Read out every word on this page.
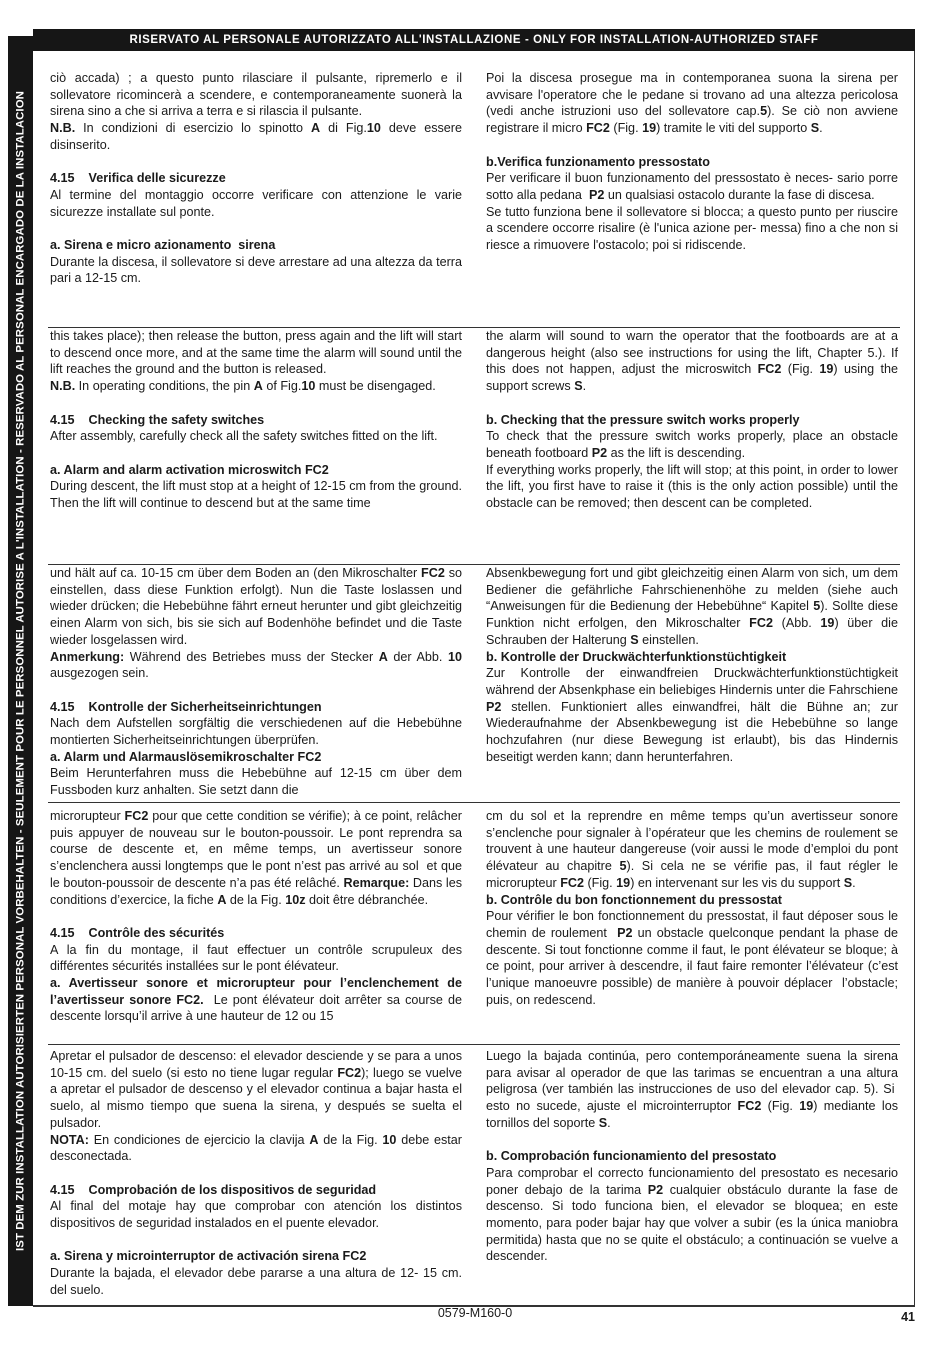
IST DEM ZUR INSTALLATION AUTORISIERTEN PERSONAL VORBEHALTEN - SEULEMENT POUR LE PERSONNEL AUTORISE A L'INSTALLATION - RESERVADO AL PERSONAL ENCARGADO DE LA INSTALACION
RISERVATO AL PERSONALE AUTORIZZATO ALL'INSTALLAZIONE - ONLY FOR INSTALLATION-AUTHORIZED STAFF
ciò accada) ; a questo punto rilasciare il pulsante, ripremerlo e il sollevatore ricomincerà a scendere, e contemporaneamente suonerà la sirena sino a che si arriva a terra e si rilascia il pulsante.
N.B. In condizioni di esercizio lo spinotto A di Fig.10 deve essere disinserito.
4.15    Verifica delle sicurezze
Al termine del montaggio occorre verificare con attenzione le varie sicurezze installate sul ponte.
a. Sirena e micro azionamento  sirena
Durante la discesa, il sollevatore si deve arrestare ad una altezza da terra pari a 12-15 cm.
Poi la discesa prosegue ma in contemporanea suona la sirena per avvisare l'operatore che le pedane si trovano ad una altezza pericolosa (vedi anche istruzioni uso del sollevatore cap.5). Se ciò non avviene registrare il micro FC2 (Fig. 19) tramite le viti del supporto S.
b.Verifica funzionamento pressostato
Per verificare il buon funzionamento del pressostato è neces- sario porre sotto alla pedana  P2 un qualsiasi ostacolo durante la fase di discesa.
Se tutto funziona bene il sollevatore si blocca; a questo punto per riuscire a scendere occorre risalire (è l'unica azione per- messa) fino a che non si riesce a rimuovere l'ostacolo; poi si ridiscende.
this takes place); then release the button, press again and the lift will start to descend once more, and at the same time the alarm will sound until the lift reaches the ground and the button is released.
N.B. In operating conditions, the pin A of Fig.10 must be disengaged.
4.15    Checking the safety switches
After assembly, carefully check all the safety switches fitted on the lift.
a. Alarm and alarm activation microswitch FC2
During descent, the lift must stop at a height of 12-15 cm from the ground. Then the lift will continue to descend but at the same time
the alarm will sound to warn the operator that the footboards are at a dangerous height (also see instructions for using the lift, Chapter 5.). If this does not happen, adjust the microswitch FC2 (Fig. 19) using the support screws S.
b. Checking that the pressure switch works properly
To check that the pressure switch works properly, place an obstacle beneath footboard P2 as the lift is descending.
If everything works properly, the lift will stop; at this point, in order to lower the lift, you first have to raise it (this is the only action possible) until the obstacle can be removed; then descent can be completed.
und hält auf ca. 10-15 cm über dem Boden an (den Mikroschalter FC2 so einstellen, dass diese Funktion erfolgt). Nun die Taste loslassen und wieder drücken; die Hebebühne fährt erneut herunter und gibt gleichzeitig einen Alarm von sich, bis sie sich auf Bodenhöhe befindet und die Taste wieder losgelassen wird.
Anmerkung: Während des Betriebes muss der Stecker A der Abb. 10 ausgezogen sein.
4.15    Kontrolle der Sicherheitseinrichtungen
Nach dem Aufstellen sorgfältig die verschiedenen auf die Hebebühne montierten Sicherheitseinrichtungen überprüfen.
a. Alarm und Alarmauslösemikroschalter FC2
Beim Herunterfahren muss die Hebebühne auf 12-15 cm über dem Fussboden kurz anhalten. Sie setzt dann die
Absenkbewegung fort und gibt gleichzeitig einen Alarm von sich, um dem Bediener die gefährliche Fahrschienenhöhe zu melden (siehe auch “Anweisungen für die Bedienung der Hebebühne“ Kapitel 5). Sollte diese Funktion nicht erfolgen, den Mikroschalter FC2 (Abb. 19) über die Schrauben der Halterung S einstellen.
b. Kontrolle der Druckwächterfunktionstüchtigkeit
Zur Kontrolle der einwandfreien Druckwächterfunktionstüchtigkeit während der Absenkphase ein beliebiges Hindernis unter die Fahrschiene P2 stellen. Funktioniert alles einwandfrei, hält die Bühne an; zur Wiederaufnahme der Absenkbewegung ist die Hebebühne so lange hochzufahren (nur diese Bewegung ist erlaubt), bis das Hindernis beseitigt werden kann; dann herunterfahren.
microrupteur FC2 pour que cette condition se vérifie); à ce point, relâcher puis appuyer de nouveau sur le bouton-poussoir. Le pont reprendra sa course de descente et, en même temps, un avertisseur sonore s’enclenchera aussi longtemps que le pont n’est pas arrivé au sol  et que le bouton-poussoir de descente n’a pas été relâché. Remarque: Dans les conditions d’exercice, la fiche A de la Fig. 10z doit être débranchée.
4.15    Contrôle des sécurités
A la fin du montage, il faut effectuer un contrôle scrupuleux des différentes sécurités installées sur le pont élévateur.
a. Avertisseur sonore et microrupteur pour l’enclenchement de l’avertisseur sonore FC2.  Le pont élévateur doit arrêter sa course de descente lorsqu’il arrive à une hauteur de 12 ou 15
cm du sol et la reprendre en même temps qu’un avertisseur sonore s’enclenche pour signaler à l’opérateur que les chemins de roulement se trouvent à une hauteur dangereuse (voir aussi le mode d’emploi du pont élévateur au chapitre 5). Si cela ne se vérifie pas, il faut régler le microrupteur FC2 (Fig. 19) en intervenant sur les vis du support S.
b. Contrôle du bon fonctionnement du pressostat
Pour vérifier le bon fonctionnement du pressostat, il faut déposer sous le chemin de roulement  P2 un obstacle quelconque pendant la phase de descente. Si tout fonctionne comme il faut, le pont élévateur se bloque; à ce point, pour arriver à descendre, il faut faire remonter l’élévateur (c’est l’unique manoeuvre possible) de manière à pouvoir déplacer  l’obstacle; puis, on redescend.
Apretar el pulsador de descenso: el elevador desciende y se para a unos 10-15 cm. del suelo (si esto no tiene lugar regular FC2); luego se vuelve a apretar el pulsador de descenso y el elevador continua a bajar hasta el suelo, al mismo tiempo que suena la sirena, y después se suelta el pulsador.
NOTA: En condiciones de ejercicio la clavija A de la Fig. 10 debe estar desconectada.
4.15    Comprobación de los dispositivos de seguridad
Al final del motaje hay que comprobar con atención los distintos dispositivos de seguridad instalados en el puente elevador.
a. Sirena y microinterruptor de activación sirena FC2
Durante la bajada, el elevador debe pararse a una altura de 12- 15 cm. del suelo.
Luego la bajada continúa, pero contemporáneamente suena la sirena para avisar al operador de que las tarimas se encuentran a una altura peligrosa (ver también las instrucciones de uso del elevador cap. 5). Si  esto no sucede, ajuste el microinterruptor FC2 (Fig. 19) mediante los tornillos del soporte S.
b. Comprobación funcionamiento del presostato
Para comprobar el correcto funcionamiento del presostato es necesario poner debajo de la tarima P2 cualquier obstáculo durante la fase de descenso. Si todo funciona bien, el elevador se bloquea; en este momento, para poder bajar hay que volver a subir (es la única maniobra permitida) hasta que no se quite el obstáculo; a continuación se vuelve a descender.
0579-M160-0	41
